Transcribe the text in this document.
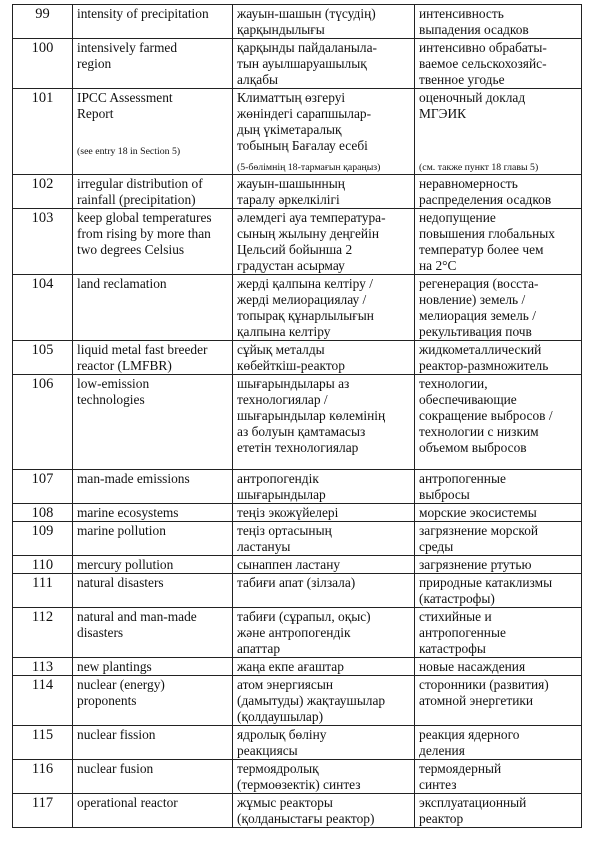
99	intensity of precipitation	жауын-шашын (түсудің)
қарқындылығы	интенсивность
выпадения осадков

100	intensively farmed
region	қарқынды пайдаланыла-
тын ауылшаруашылық
алқабы	интенсивно обрабаты-
ваемое сельскохозяйс-
твенное угодье

101	IPCC Assessment
Report
(see entry 18 in Section 5)	Климаттың өзгеруі
жөніндегі сарапшылар-
дың үкіметаралық
тобының Бағалау есебі
(5-бөлімнің 18-тармағын қараңыз)	оценочный доклад
МГЭИК
(см. также пункт 18 главы 5)

102	irregular distribution of
rainfall (precipitation)	жауын-шашынның
таралу әркелкілігі	неравномерность
распределения осадков

103	keep global temperatures
from rising by more than
two degrees Celsius	әлемдегі ауа температура-
сының жылыну деңгейін
Цельсий бойынша 2
градустан асырмау	недопущение
повышения глобальных
температур более чем
на 2°С

104	land reclamation	жерді қалпына келтіру /
жерді мелиорациялау /
топырақ құнарлылығын
қалпына келтіру	регенерация (восста-
новление) земель /
мелиорация земель /
рекультивация почв

105	liquid metal fast breeder
reactor (LMFBR)	сұйық металды
көбейткіш-реактор	жидкометаллический
реактор-размножитель

106	low-emission
technologies	шығарындылары аз
технологиялар /
шығарындылар көлемінің
аз болуын қамтамасыз
ететін технологиялар	технологии,
обеспечивающие
сокращение выбросов /
технологии с низким
объемом выбросов

107	man-made emissions	антропогендік
шығарындылар	антропогенные
выбросы

108	marine ecosystems	теңіз экожүйелері	морские экосистемы

109	marine pollution	теңіз ортасының
ластануы	загрязнение морской
среды

110	mercury pollution	сынаппен ластану	загрязнение ртутью

111	natural disasters	табиғи апат (зілзала)	природные катаклизмы
(катастрофы)

112	natural and man-made
disasters	табиғи (сұрапыл, оқыс)
және антропогендік
апаттар	стихийные и
антропогенные
катастрофы

113	new plantings	жаңа екпе ағаштар	новые насаждения

114	nuclear (energy)
proponents	атом энергиясын
(дамытуды) жақтаушылар
(қолдаушылар)	сторонники (развития)
атомной энергетики

115	nuclear fission	ядролық бөліну
реакциясы	реакция ядерного
деления

116	nuclear fusion	термоядролық
(термоөзектік) синтез	термоядерный
синтез

117	operational reactor	жұмыс реакторы
(қолданыстағы реактор)	эксплуатационный
реактор
